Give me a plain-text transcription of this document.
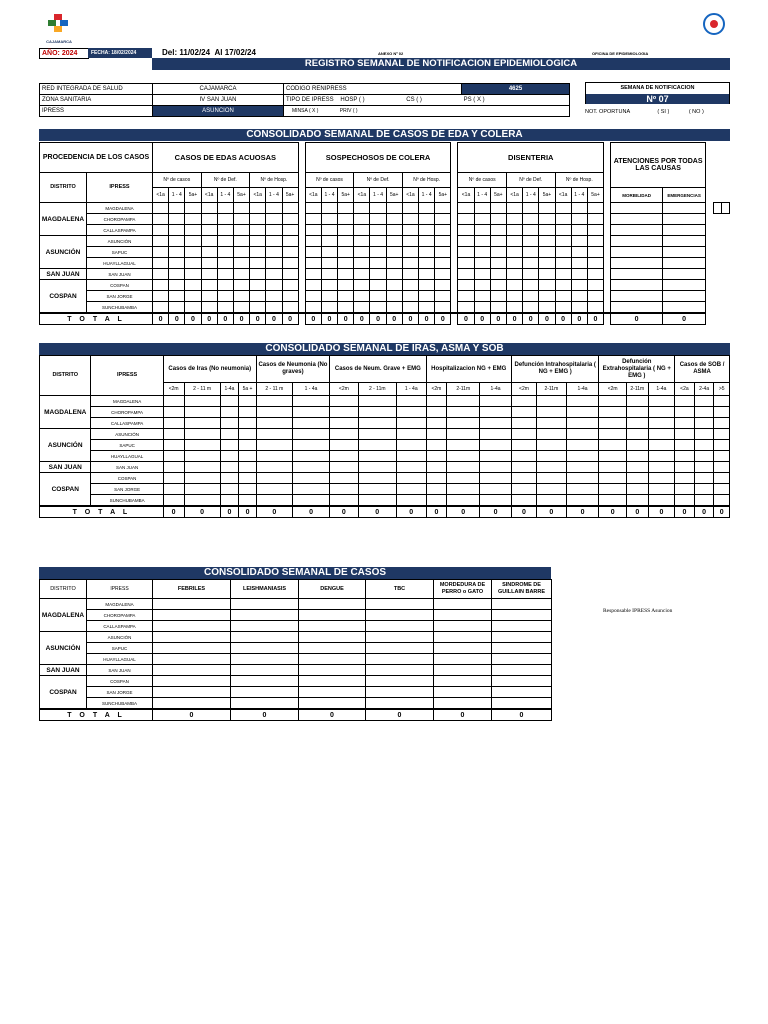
CAJAMARCA
AÑO: 2024	FECHA: 18/02/2024	Del: 11/02/24 Al 17/02/24	ANEXO Nº 02	OFICINA DE EPIDEMIOLOGIA
REGISTRO SEMANAL DE NOTIFICACION EPIDEMIOLOGICA
RED INTEGRADA DE SALUD	CAJAMARCA
ZONA SANITARIA	IV SAN JUAN
IPRESS	ASUNCION
CODIGO RENIPRESS	4625
TIPO DE IPRESS HOSP ( )	CS ( )	PS ( X )
MINSA ( X )	PRIV ( )
SEMANA DE NOTIFICACION
Nº 07
NOT. OPORTUNA	( SI )	( NO )
CONSOLIDADO SEMANAL DE CASOS DE EDA Y COLERA
PROCEDENCIA DE LOS CASOS		CASOS DE EDAS ACUOSAS										SOSPECHOSOS DE COLERA										DISENTERIA										ATENCIONES POR TODAS LAS CAUSAS				

DISTRITO	IPRESS	Nº de casos			Nº de Def.			Nº de Hosp.				Nº de casos			Nº de Def.			Nº de Hosp.				Nº de casos			Nº de Def.			Nº de Hosp.								
		<1a	1 - 4	5a+	<1a	1 - 4	5a+	<1a	1 - 4	5a+		<1a	1 - 4	5a+	<1a	1 - 4	5a+	<1a	1 - 4	5a+		<1a	1 - 4	5a+	<1a	1 - 4	5a+	<1a	1 - 4	5a+		MORBILIDAD	EMERGENCIAS			
MAGDALENA	MAGDALENA																																			
	CHOROPAMPA																																			
	CALLASPAMPA																																			
ASUNCIÓN	ASUNCIÓN																																			
	SAPUC																																			
	HUAYLLAGUAL																																			
SAN JUAN	SAN JUAN																																			
COSPAN	COSPAN																																			
	SAN JORGE																																			
	SUNCHUBAMBA																																			
T O T A L		0	0	0	0	0	0	0	0	0		0	0	0	0	0	0	0	0	0		0	0	0	0	0	0	0	0	0		0	0			
CONSOLIDADO SEMANAL DE IRAS, ASMA Y SOB
DISTRITO	IPRESS	Casos de Iras (No neumonia)				Casos de Neumonia (No graves)		Casos de Neum. Grave + EMG			Hospitalizacion NG + EMG			Defunción Intrahospitalaria ( NG + EMG )			Defunción Extrahospitalaria ( NG + EMG )			Casos de SOB / ASMA		
		<2m	2 - 11 m	1-4a	5a +	2 - 11 m	1 - 4a	<2m	2 - 11m	1 - 4a	<2m	2-11m	1-4a	<2m	2-11m	1-4a	<2m	2-11m	1-4a	<2a	2-4a	>5
MAGDALENA	MAGDALENA																					
	CHOROPAMPA																					
	CALLASPAMPA																					
ASUNCIÓN	ASUNCIÓN																					
	SAPUC																					
	HUAYLLAGUAL																					
SAN JUAN	SAN JUAN																					
COSPAN	COSPAN																					
	SAN JORGE																					
	SUNCHUBAMBA																					
T O T A L		0	0	0	0	0	0	0	0	0	0	0	0	0	0	0	0	0	0	0	0	0
CONSOLIDADO SEMANAL DE CASOS
DISTRITO	IPRESS	FEBRILES	LEISHMANIASIS	DENGUE	TBC	MORDEDURA DE PERRO o GATO	SINDROME DE GUILLAIN BARRE
MAGDALENA	MAGDALENA						
	CHOROPAMPA						
	CALLASPAMPA						
ASUNCIÓN	ASUNCIÓN						
	SAPUC						
	HUAYLLAGUAL						
SAN JUAN	SAN JUAN						
COSPAN	COSPAN						
	SAN JORGE						
	SUNCHUBAMBA						
T O T A L		0	0	0	0	0	0
Responsable IPRESS Asuncion
